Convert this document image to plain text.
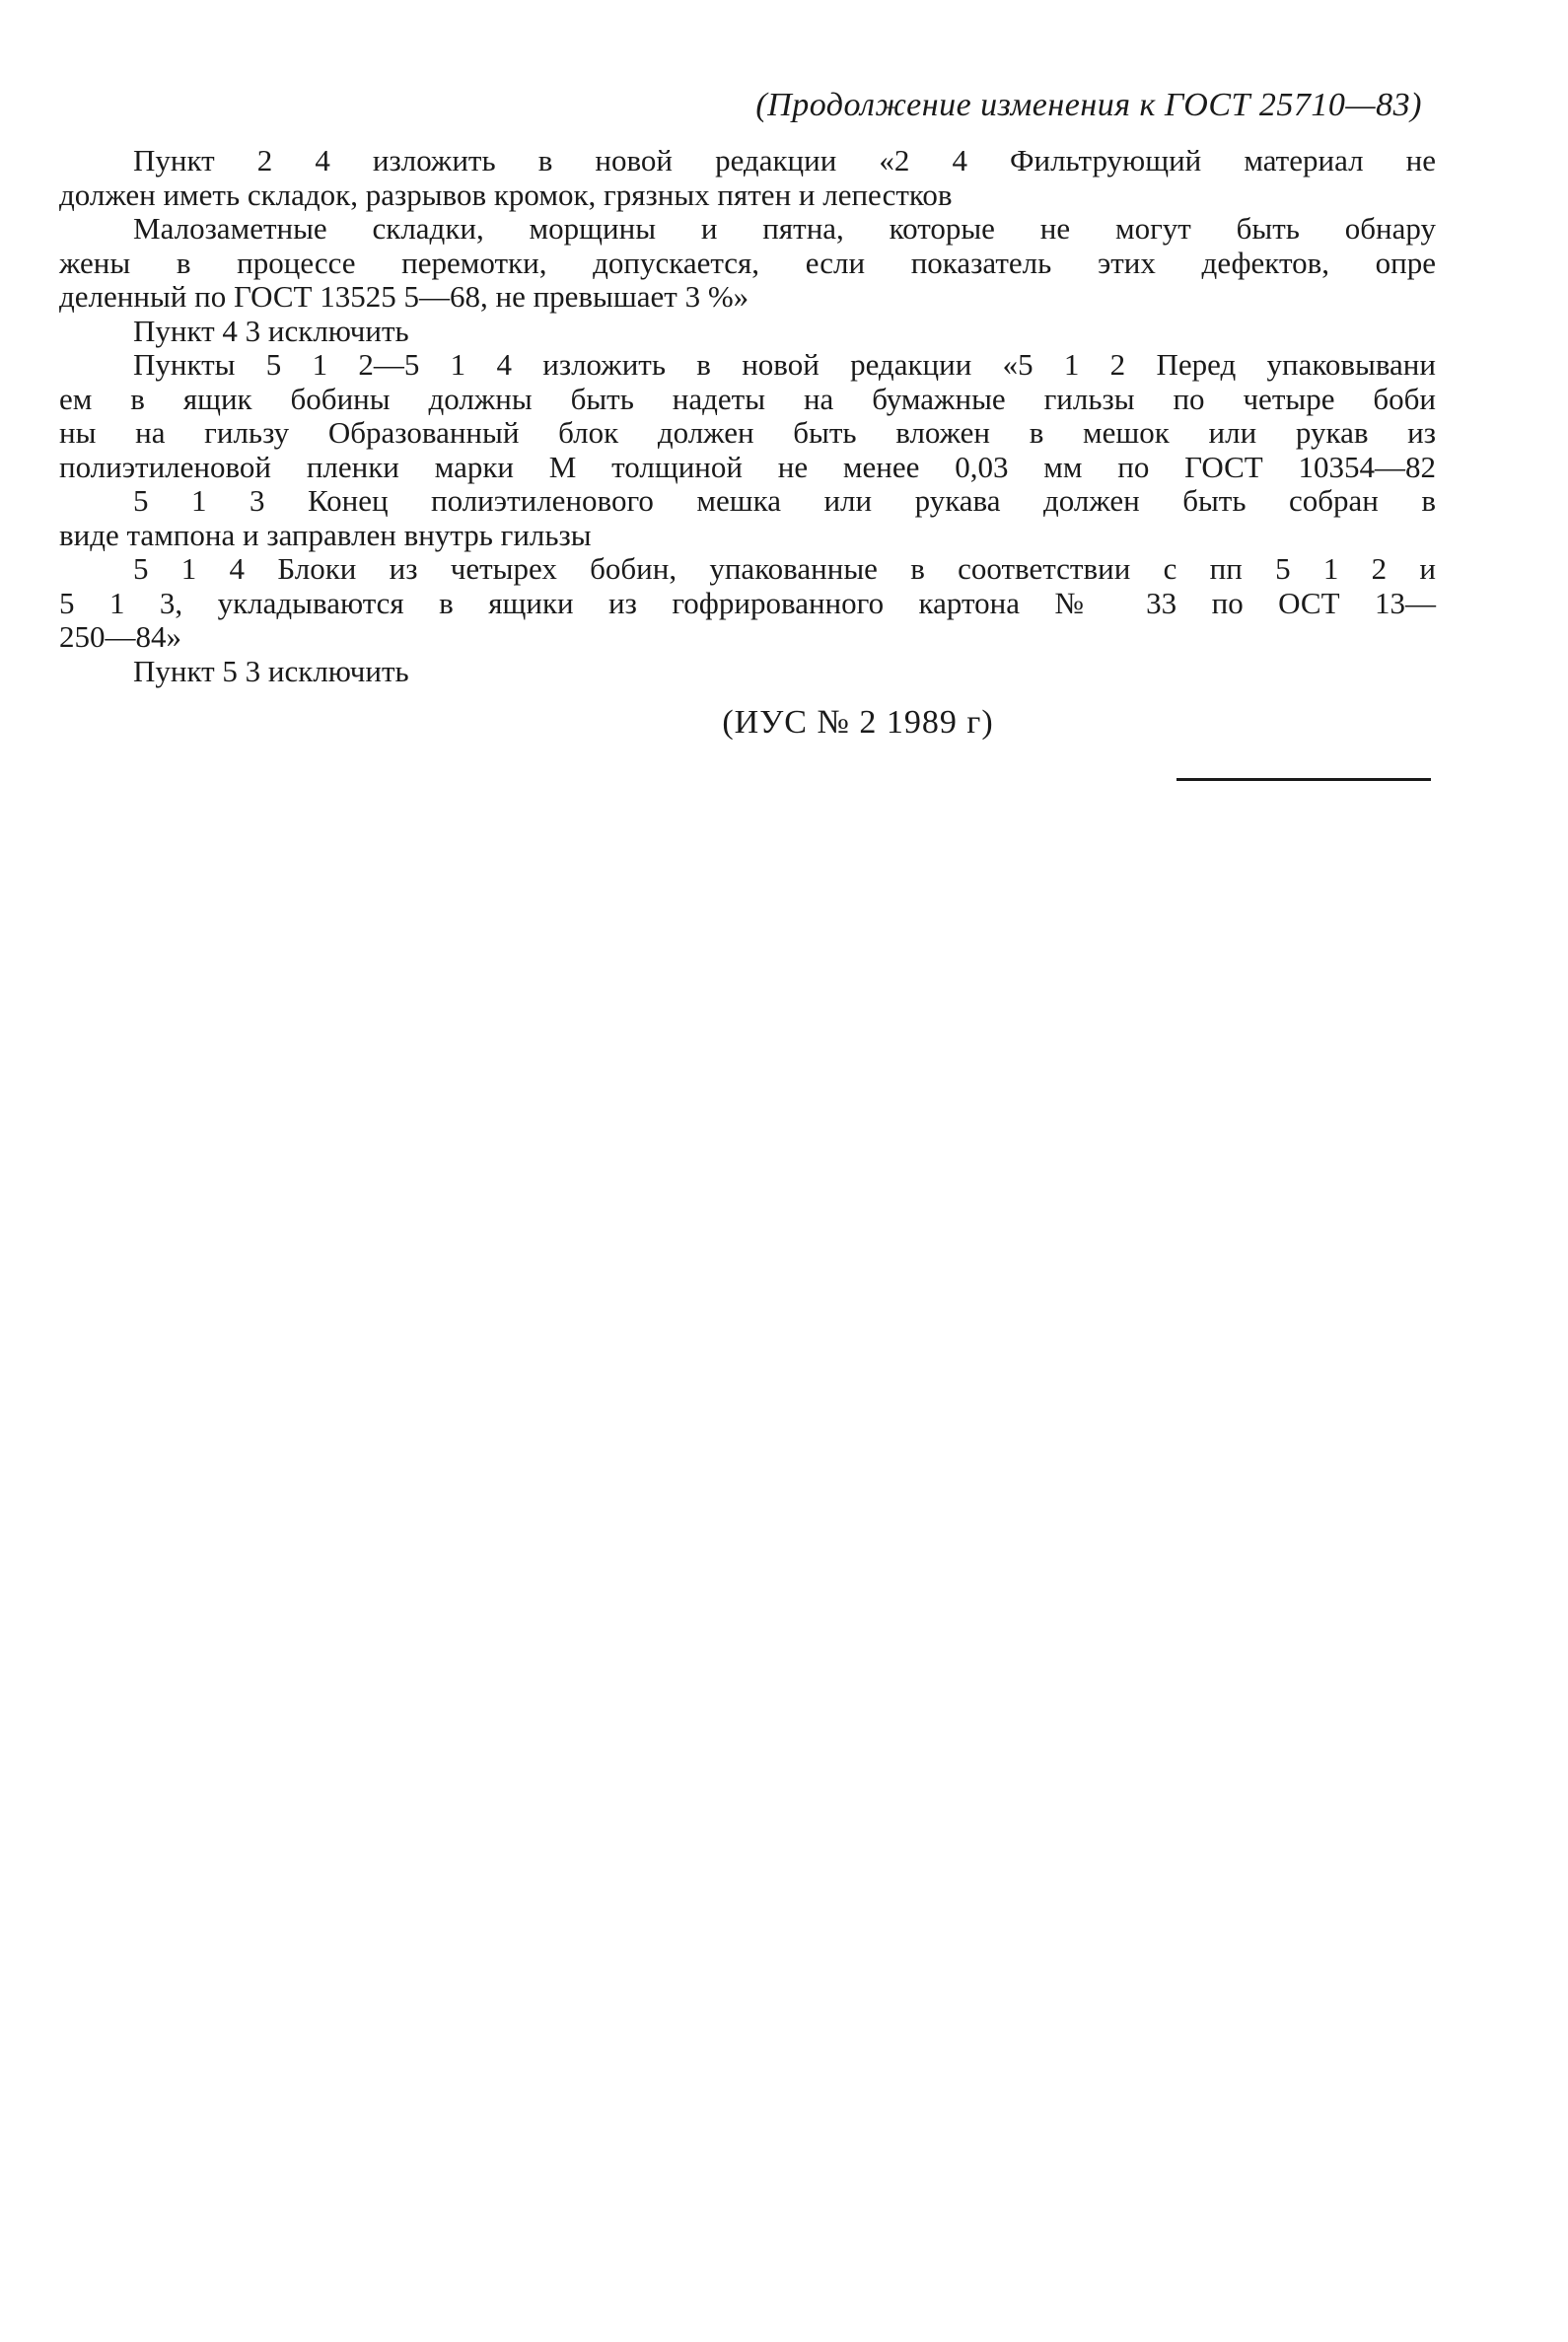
(Продолжение изменения к ГОСТ 25710—83)
Пункт 2 4 изложить в новой редакции «2 4 Фильтрующий материал не
должен иметь складок, разрывов кромок, грязных пятен и лепестков
Малозаметные складки, морщины и пятна, которые не могут быть обнару
жены в процессе перемотки, допускается, если показатель этих дефектов, опре
деленный по ГОСТ 13525 5—68, не превышает 3 %»
Пункт 4 3 исключить
Пункты 5 1 2—5 1 4 изложить в новой редакции «5 1 2 Перед упаковывани
ем в ящик бобины должны быть надеты на бумажные гильзы по четыре боби
ны на гильзу Образованный блок должен быть вложен в мешок или рукав из
полиэтиленовой пленки марки М толщиной не менее 0,03 мм по ГОСТ 10354—82
5 1 3 Конец полиэтиленового мешка или рукава должен быть собран в
виде тампона и заправлен внутрь гильзы
5 1 4 Блоки из четырех бобин, упакованные в соответствии с пп 5 1 2 и
5 1 3, укладываются в ящики из гофрированного картона № 33 по ОСТ 13—
250—84»
Пункт 5 3 исключить
(ИУС № 2 1989 г)
